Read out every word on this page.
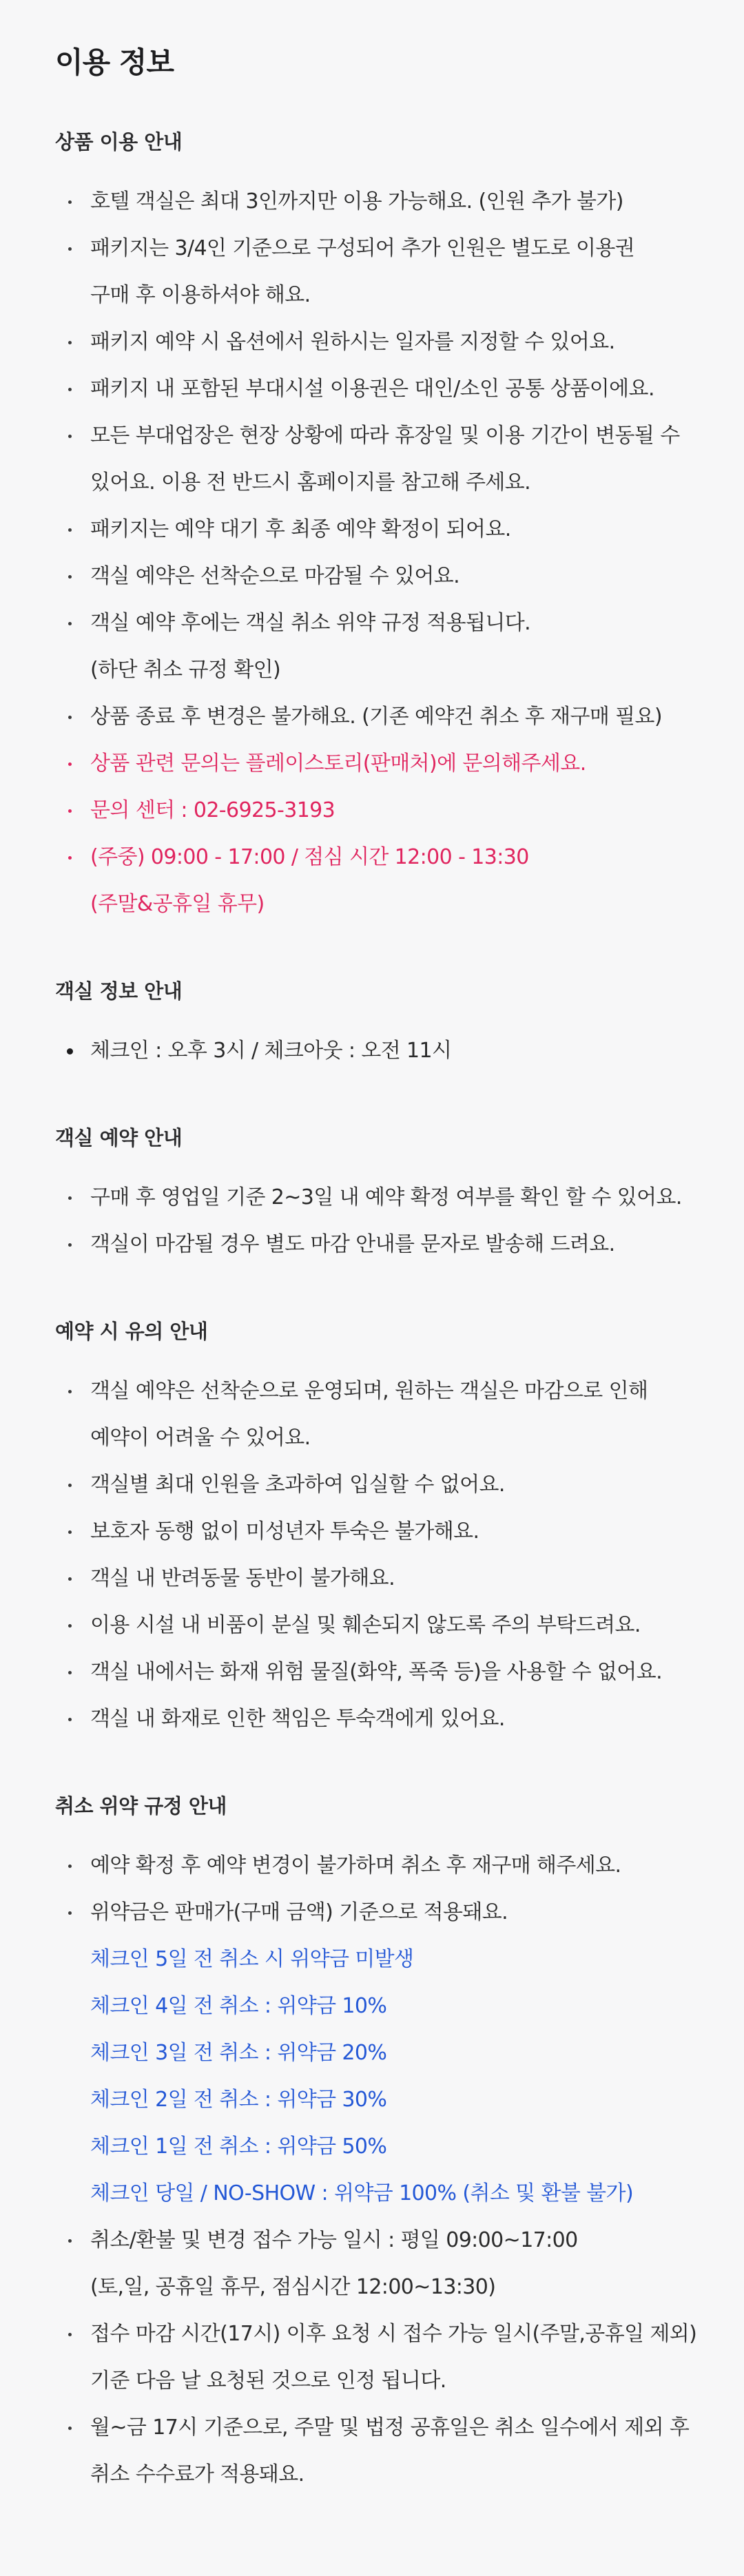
이용 정보
상품 이용 안내
호텔 객실은 최대 3인까지만 이용 가능해요. (인원 추가 불가)
패키지는 3/4인 기준으로 구성되어 추가 인원은 별도로 이용권
구매 후 이용하셔야 해요.
패키지 예약 시 옵션에서 원하시는 일자를 지정할 수 있어요.
패키지 내 포함된 부대시설 이용권은 대인/소인 공통 상품이에요.
모든 부대업장은 현장 상황에 따라 휴장일 및 이용 기간이 변동될 수
있어요. 이용 전 반드시 홈페이지를 참고해 주세요.
패키지는 예약 대기 후 최종 예약 확정이 되어요.
객실 예약은 선착순으로 마감될 수 있어요.
객실 예약 후에는 객실 취소 위약 규정 적용됩니다.
(하단 취소 규정 확인)
상품 종료 후 변경은 불가해요. (기존 예약건 취소 후 재구매 필요)
상품 관련 문의는 플레이스토리(판매처)에 문의해주세요.
문의 센터 : 02-6925-3193
(주중) 09:00 - 17:00 / 점심 시간 12:00 - 13:30
(주말&공휴일 휴무)
객실 정보 안내
체크인 : 오후 3시 / 체크아웃 : 오전 11시
객실 예약 안내
구매 후 영업일 기준 2~3일 내 예약 확정 여부를 확인 할 수 있어요.
객실이 마감될 경우 별도 마감 안내를 문자로 발송해 드려요.
예약 시 유의 안내
객실 예약은 선착순으로 운영되며, 원하는 객실은 마감으로 인해
예약이 어려울 수 있어요.
객실별 최대 인원을 초과하여 입실할 수 없어요.
보호자 동행 없이 미성년자 투숙은 불가해요.
객실 내 반려동물 동반이 불가해요.
이용 시설 내 비품이 분실 및 훼손되지 않도록 주의 부탁드려요.
객실 내에서는 화재 위험 물질(화약, 폭죽 등)을 사용할 수 없어요.
객실 내 화재로 인한 책임은 투숙객에게 있어요.
취소 위약 규정 안내
예약 확정 후 예약 변경이 불가하며 취소 후 재구매 해주세요.
위약금은 판매가(구매 금액) 기준으로 적용돼요.
체크인 5일 전 취소 시 위약금 미발생
체크인 4일 전 취소 : 위약금 10%
체크인 3일 전 취소 : 위약금 20%
체크인 2일 전 취소 : 위약금 30%
체크인 1일 전 취소 : 위약금 50%
체크인 당일 / NO-SHOW : 위약금 100% (취소 및 환불 불가)
취소/환불 및 변경 접수 가능 일시 : 평일 09:00~17:00
(토,일, 공휴일 휴무, 점심시간 12:00~13:30)
접수 마감 시간(17시) 이후 요청 시 접수 가능 일시(주말,공휴일 제외)
기준 다음 날 요청된 것으로 인정 됩니다.
월~금 17시 기준으로, 주말 및 법정 공휴일은 취소 일수에서 제외 후
취소 수수료가 적용돼요.
